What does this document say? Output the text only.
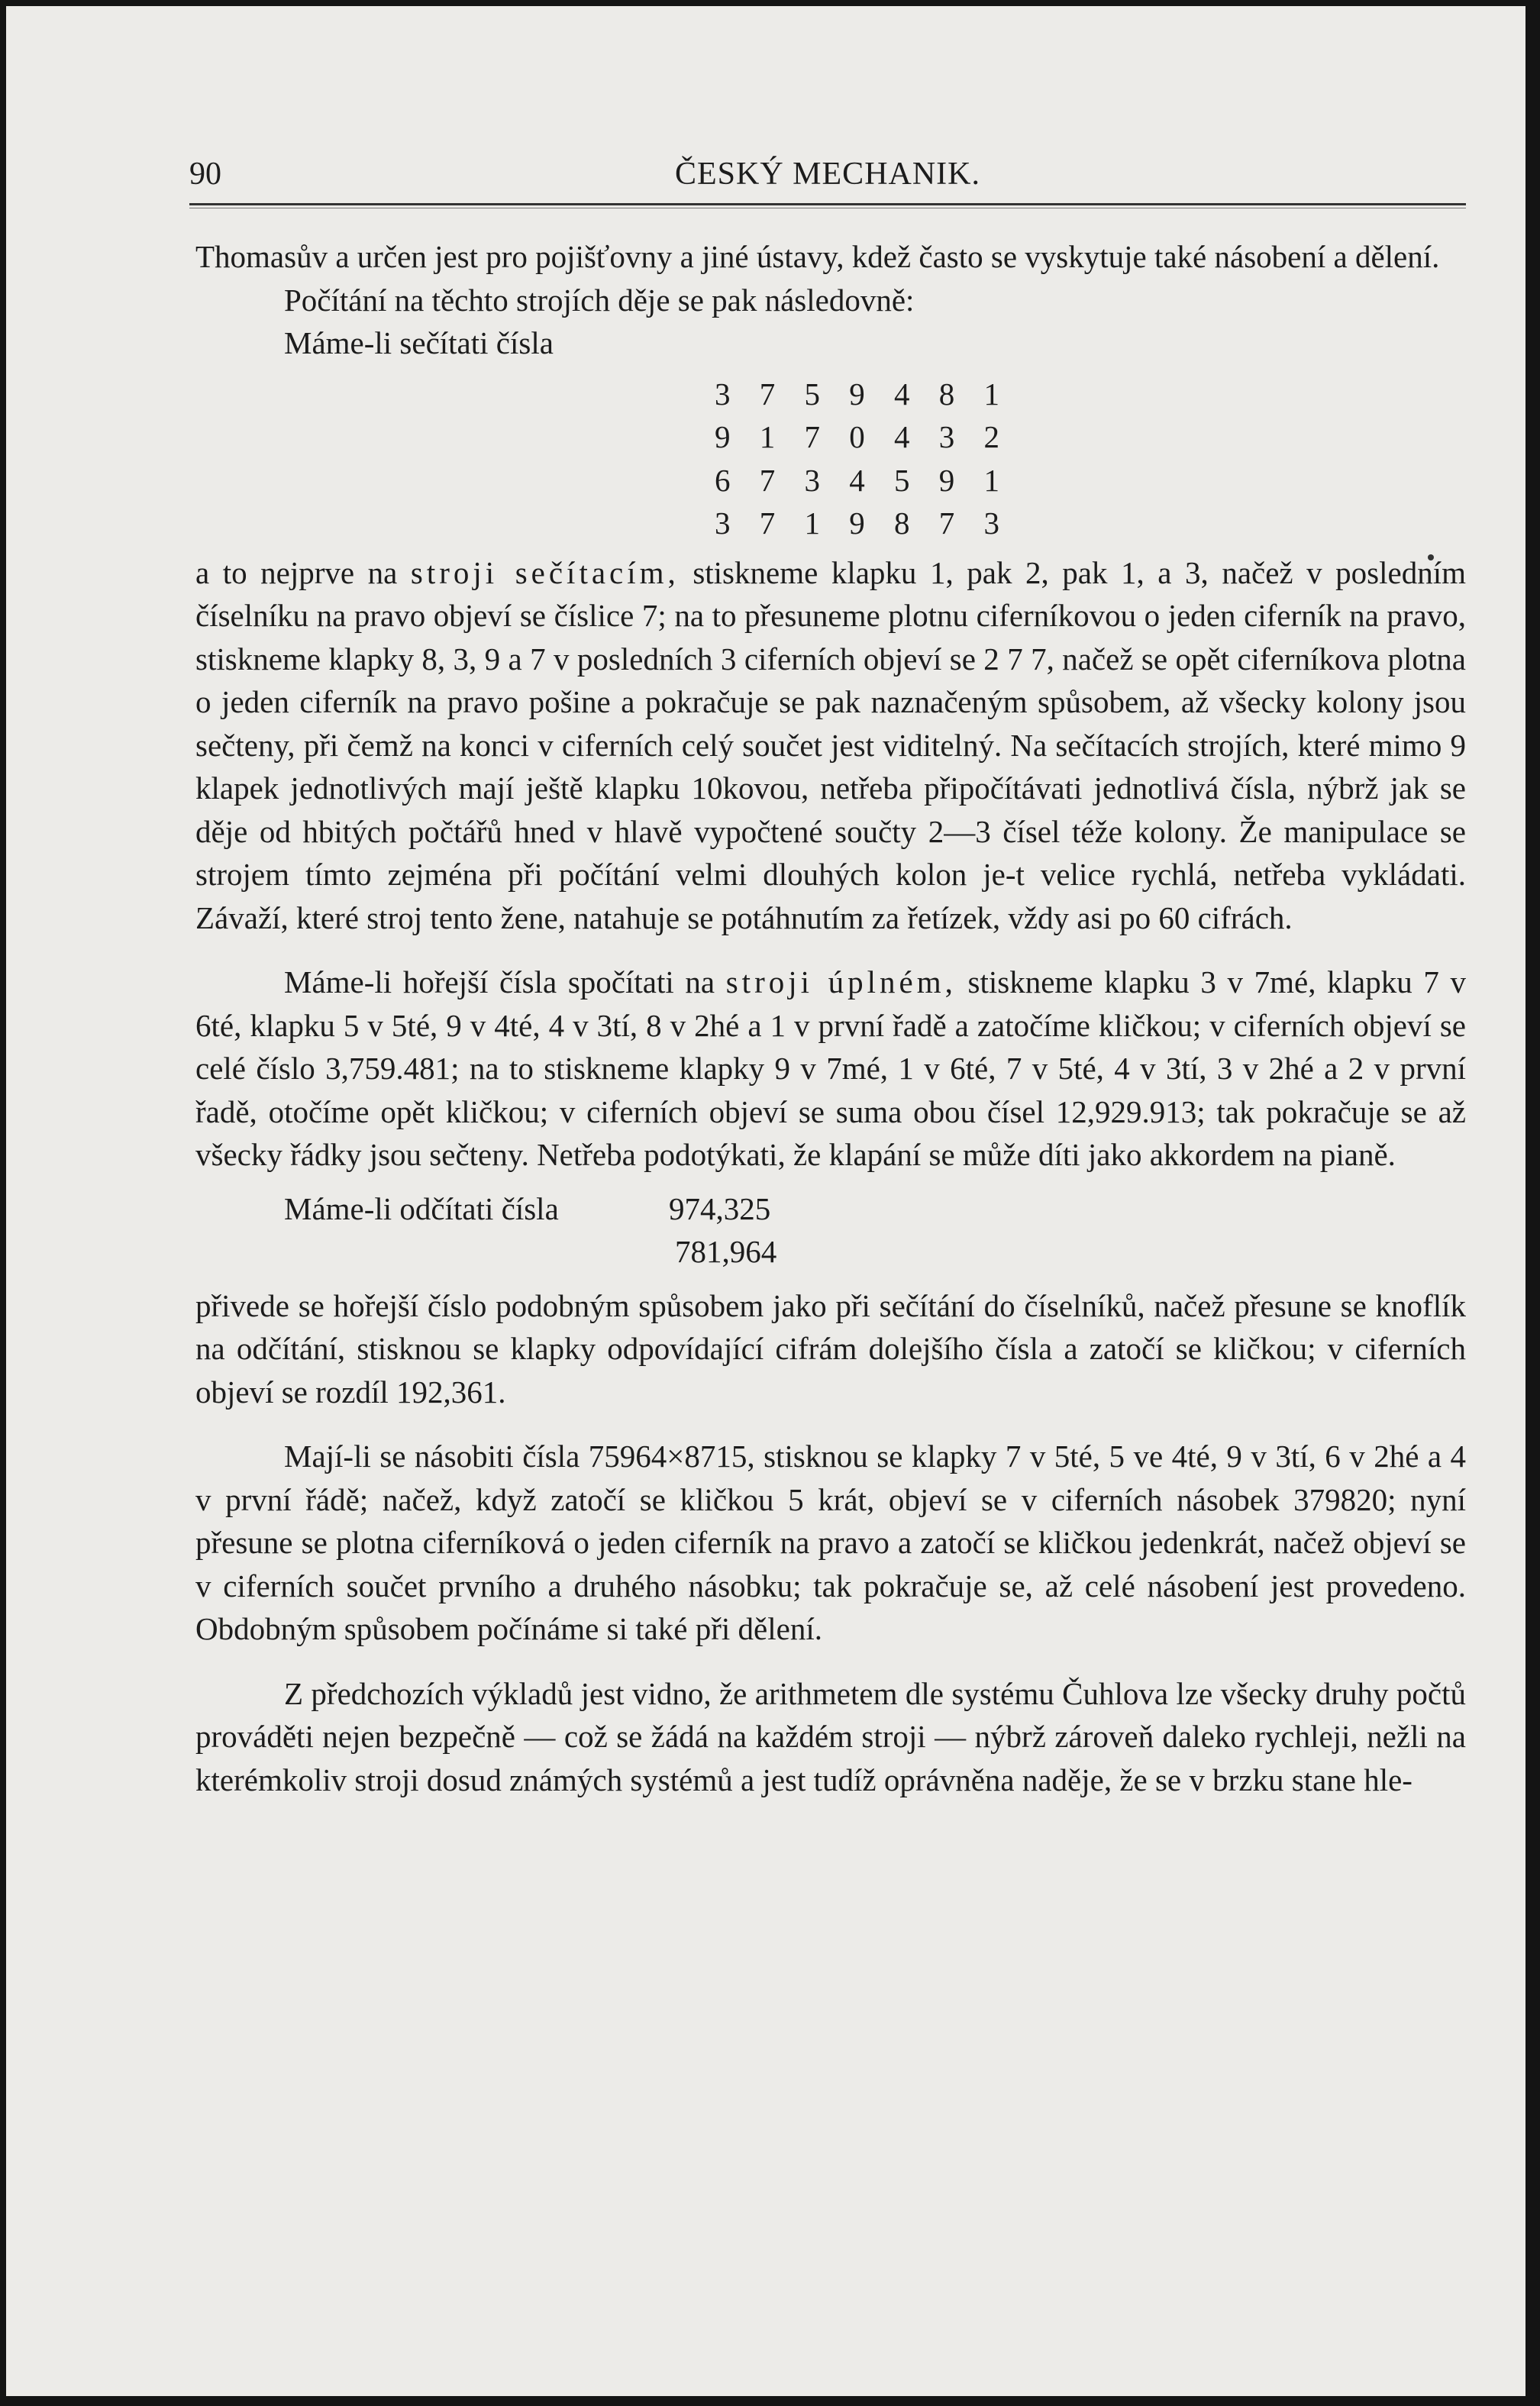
90	ČESKÝ MECHANIK.

Thomasův a určen jest pro pojišťovny a jiné ústavy, kdež často se vyskytuje také násobení a dělení.

Počítání na těchto strojích děje se pak následovně:

Máme-li sečítati čísla

3 7 5 9 4 8 1
9 1 7 0 4 3 2
6 7 3 4 5 9 1
3 7 1 9 8 7 3

a to nejprve na stroji sečítacím, stiskneme klapku 1, pak 2, pak 1, a 3, načež v posledním číselníku na pravo objeví se číslice 7; na to přesuneme plotnu ciferníkovou o jeden ciferník na pravo, stiskneme klapky 8, 3, 9 a 7 v posledních 3 ciferních objeví se 2 7 7, načež se opět ciferníkova plotna o jeden ciferník na pravo pošine a pokračuje se pak naznačeným spůsobem, až všecky kolony jsou sečteny, při čemž na konci v ciferních celý součet jest viditelný. Na sečítacích strojích, které mimo 9 klapek jednotlivých mají ještě klapku 10kovou, netřeba připočítávati jednotlivá čísla, nýbrž jak se děje od hbitých počtářů hned v hlavě vypočtené součty 2—3 čísel téže kolony. Že manipulace se strojem tímto zejména při počítání velmi dlouhých kolon je‑t velice rychlá, netřeba vykládati. Závaží, které stroj tento žene, natahuje se potáhnutím za řetízek, vždy asi po 60 cifrách.

Máme-li hořejší čísla spočítati na stroji úplném, stiskneme klapku 3 v 7mé, klapku 7 v 6té, klapku 5 v 5té, 9 v 4té, 4 v 3tí, 8 v 2hé a 1 v první řadě a zatočíme kličkou; v ciferních objeví se celé číslo 3,759.481; na to stiskneme klapky 9 v 7mé, 1 v 6té, 7 v 5té, 4 v 3tí, 3 v 2hé a 2 v první řadě, otočíme opět kličkou; v ciferních objeví se suma obou čísel 12,929.913; tak pokračuje se až všecky řádky jsou sečteny. Netřeba podotýkati, že klapání se může díti jako akkordem na pianě.

Máme-li odčítati čísla	974,325
781,964

přivede se hořejší číslo podobným spůsobem jako při sečítání do číselníků, načež přesune se knoflík na odčítání, stisknou se klapky odpovídající cifrám dolejšího čísla a zatočí se kličkou; v ciferních objeví se rozdíl 192,361.

Mají-li se násobiti čísla 75964×8715, stisknou se klapky 7 v 5té, 5 ve 4té, 9 v 3tí, 6 v 2hé a 4 v první řádě; načež, když zatočí se kličkou 5 krát, objeví se v ciferních násobek 379820; nyní přesune se plotna ciferníková o jeden ciferník na pravo a zatočí se kličkou jedenkrát, načež objeví se v ciferních součet prvního a druhého násobku; tak pokračuje se, až celé násobení jest provedeno. Obdobným spůsobem počínáme si také při dělení.

Z předchozích výkladů jest vidno, že arithmetem dle systému Čuhlova lze všecky druhy počtů prováděti nejen bezpečně — což se žádá na každém stroji — nýbrž zároveň daleko rychleji, nežli na kterémkoliv stroji dosud známých systémů a jest tudíž oprávněna naděje, že se v brzku stane hle-
